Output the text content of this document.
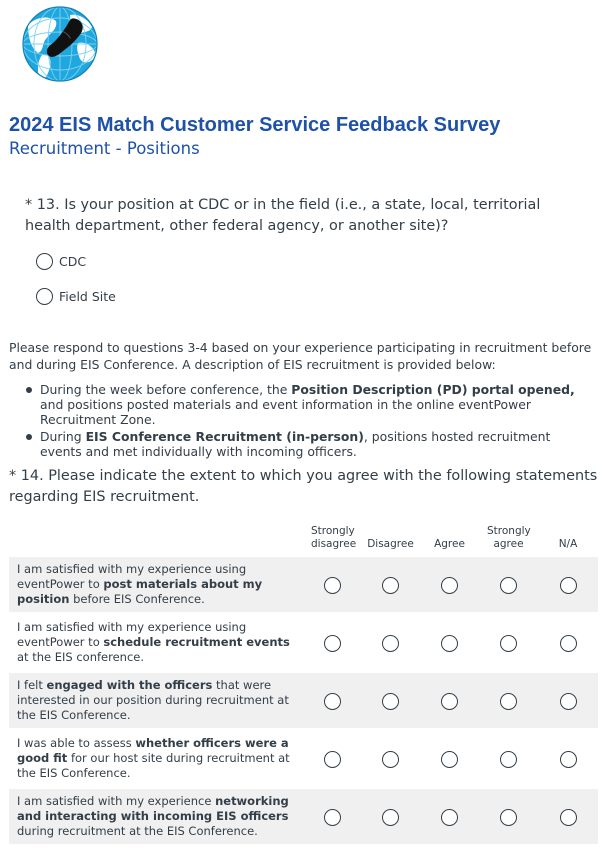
2024 EIS Match Customer Service Feedback Survey
Recruitment - Positions
* 13. Is your position at CDC or in the field (i.e., a state, local, territorial health department, other federal agency, or another site)?
CDC
Field Site
Please respond to questions 3-4 based on your experience participating in recruitment before and during EIS Conference. A description of EIS recruitment is provided below:
During the week before conference, the Position Description (PD) portal opened, and positions posted materials and event information in the online eventPower Recruitment Zone.
During EIS Conference Recruitment (in-person), positions hosted recruitment events and met individually with incoming officers.
* 14. Please indicate the extent to which you agree with the following statements regarding EIS recruitment.
	Strongly disagree	Disagree	Agree	Strongly agree	N/A
I am satisfied with my experience using eventPower to post materials about my position before EIS Conference.					
I am satisfied with my experience using eventPower to schedule recruitment events at the EIS conference.					
I felt engaged with the officers that were interested in our position during recruitment at the EIS Conference.					
I was able to assess whether officers were a good fit for our host site during recruitment at the EIS Conference.					
I am satisfied with my experience networking and interacting with incoming EIS officers during recruitment at the EIS Conference.					
